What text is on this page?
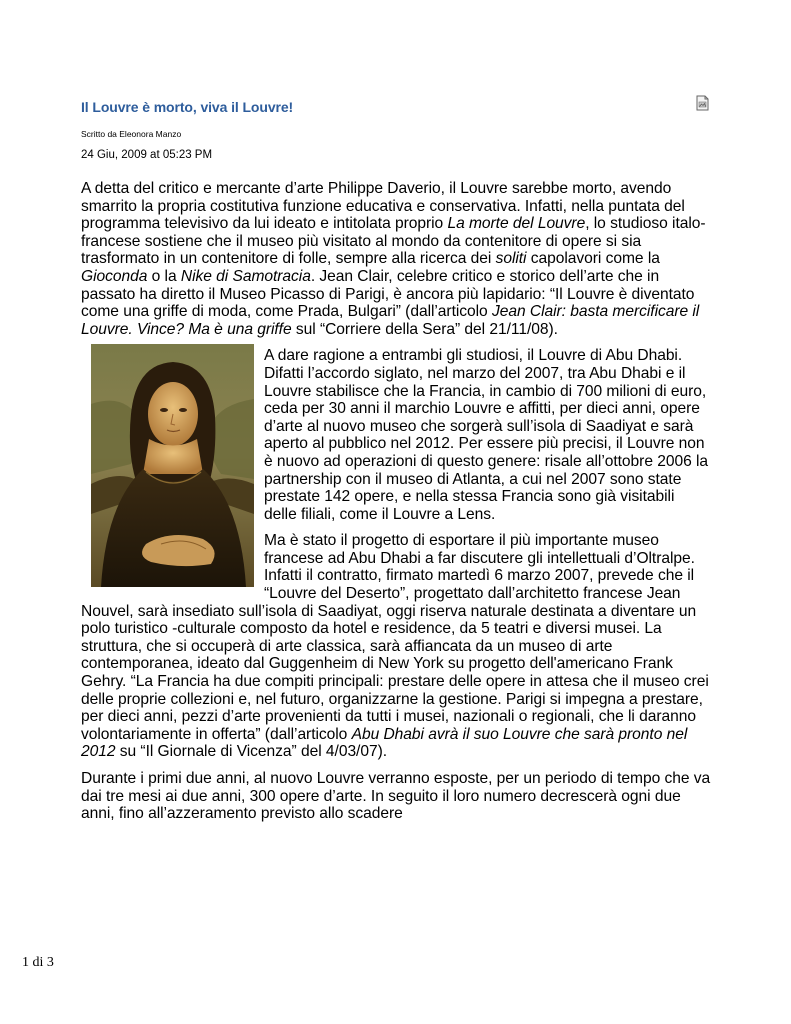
Il Louvre è morto, viva il Louvre!
Scritto da Eleonora Manzo
24 Giu, 2009 at 05:23 PM

A detta del critico e mercante d’arte Philippe Daverio, il Louvre sarebbe morto, avendo smarrito la propria costitutiva funzione educativa e conservativa. Infatti, nella puntata del programma televisivo da lui ideato e intitolata proprio La morte del Louvre, lo studioso italo-francese sostiene che il museo più visitato al mondo da contenitore di opere si sia trasformato in un contenitore di folle, sempre alla ricerca dei soliti capolavori come la Gioconda o la Nike di Samotracia. Jean Clair, celebre critico e storico dell’arte che in passato ha diretto il Museo Picasso di Parigi, è ancora più lapidario: “Il Louvre è diventato come una griffe di moda, come Prada, Bulgari” (dall’articolo Jean Clair: basta mercificare il Louvre. Vince? Ma è una griffe sul “Corriere della Sera” del 21/11/08).

A dare ragione a entrambi gli studiosi, il Louvre di Abu Dhabi. Difatti l’accordo siglato, nel marzo del 2007, tra Abu Dhabi e il Louvre stabilisce che la Francia, in cambio di 700 milioni di euro, ceda per 30 anni il marchio Louvre e affitti, per dieci anni, opere d’arte al nuovo museo che sorgerà sull’isola di Saadiyat e sarà aperto al pubblico nel 2012. Per essere più precisi, il Louvre non è nuovo ad operazioni di questo genere: risale all’ottobre 2006 la partnership con il museo di Atlanta, a cui nel 2007 sono state prestate 142 opere, e nella stessa Francia sono già visitabili delle filiali, come il Louvre a Lens.

Ma è stato il progetto di esportare il più importante museo francese ad Abu Dhabi a far discutere gli intellettuali d’Oltralpe. Infatti il contratto, firmato martedì 6 marzo 2007, prevede che il “Louvre del Deserto”, progettato dall’architetto francese Jean Nouvel, sarà insediato sull’isola di Saadiyat, oggi riserva naturale destinata a diventare un polo turistico -culturale composto da hotel e residence, da 5 teatri e diversi musei. La struttura, che si occuperà di arte classica, sarà affiancata da un museo di arte contemporanea, ideato dal Guggenheim di New York su progetto dell'americano Frank Gehry. “La Francia ha due compiti principali: prestare delle opere in attesa che il museo crei delle proprie collezioni e, nel futuro, organizzarne la gestione. Parigi si impegna a prestare, per dieci anni, pezzi d’arte provenienti da tutti i musei, nazionali o regionali, che li daranno volontariamente in offerta” (dall’articolo Abu Dhabi avrà il suo Louvre che sarà pronto nel 2012 su “Il Giornale di Vicenza” del 4/03/07).

Durante i primi due anni, al nuovo Louvre verranno esposte, per un periodo di tempo che va dai tre mesi ai due anni, 300 opere d’arte. In seguito il loro numero decrescerà ogni due anni, fino all’azzeramento previsto allo scadere

1 di 3
